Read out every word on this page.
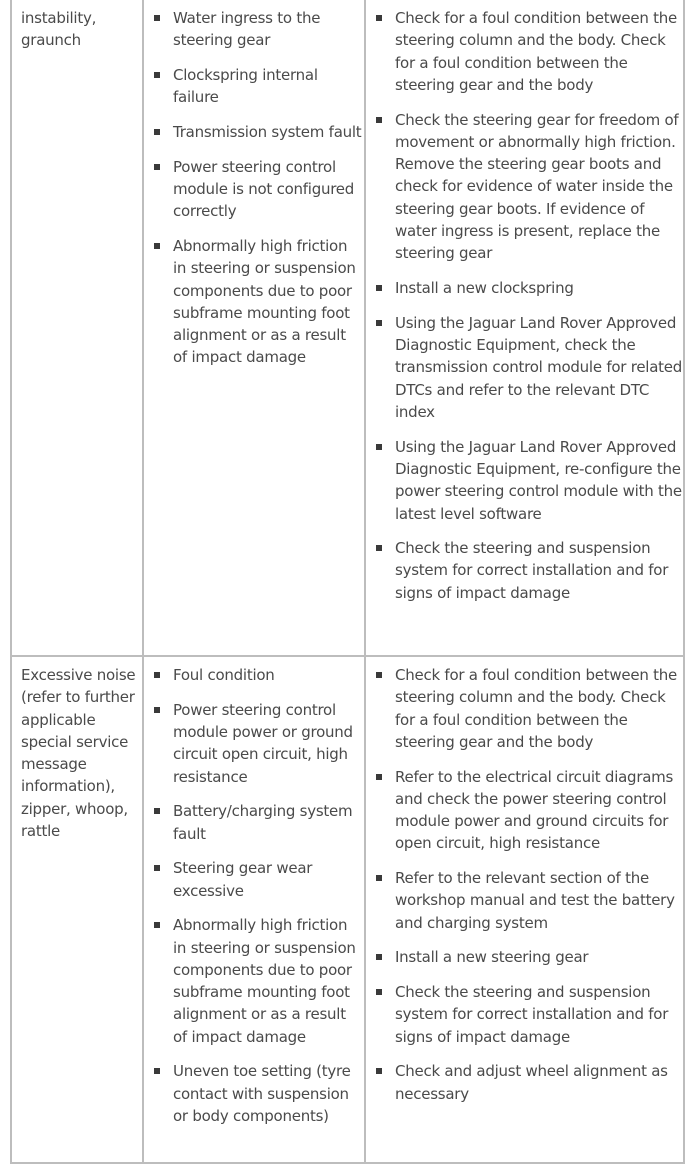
instability, graunch
Water ingress to the steering gear
Clockspring internal failure
Transmission system fault
Power steering control module is not configured correctly
Abnormally high friction in steering or suspension components due to poor subframe mounting foot alignment or as a result of impact damage
Check for a foul condition between the steering column and the body. Check for a foul condition between the steering gear and the body
Check the steering gear for freedom of movement or abnormally high friction. Remove the steering gear boots and check for evidence of water inside the steering gear boots. If evidence of water ingress is present, replace the steering gear
Install a new clockspring
Using the Jaguar Land Rover Approved Diagnostic Equipment, check the transmission control module for related DTCs and refer to the relevant DTC index
Using the Jaguar Land Rover Approved Diagnostic Equipment, re-configure the power steering control module with the latest level software
Check the steering and suspension system for correct installation and for signs of impact damage
Excessive noise (refer to further applicable special service message information), zipper, whoop, rattle
Foul condition
Power steering control module power or ground circuit open circuit, high resistance
Battery/charging system fault
Steering gear wear excessive
Abnormally high friction in steering or suspension components due to poor subframe mounting foot alignment or as a result of impact damage
Uneven toe setting (tyre contact with suspension or body components)
Check for a foul condition between the steering column and the body. Check for a foul condition between the steering gear and the body
Refer to the electrical circuit diagrams and check the power steering control module power and ground circuits for open circuit, high resistance
Refer to the relevant section of the workshop manual and test the battery and charging system
Install a new steering gear
Check the steering and suspension system for correct installation and for signs of impact damage
Check and adjust wheel alignment as necessary
